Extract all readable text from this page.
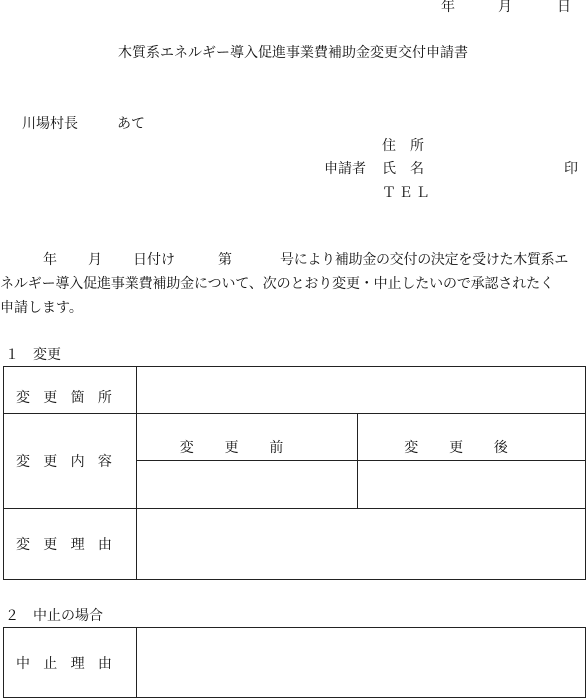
年	月	日
木質系エネルギー導入促進事業費補助金変更交付申請書
川場村長	あて
住　所
申請者 氏　名	印
ＴＥＬ
年 月 日付け	第	号により補助金の交付の決定を受けた木質系エ
ネルギー導入促進事業費補助金について、次のとおり変更・中止したいので承認されたく
申請します。
１　変更
変更箇所		
変更内容	変更前	変更後

変更理由		
２　中止の場合
中止理由	
